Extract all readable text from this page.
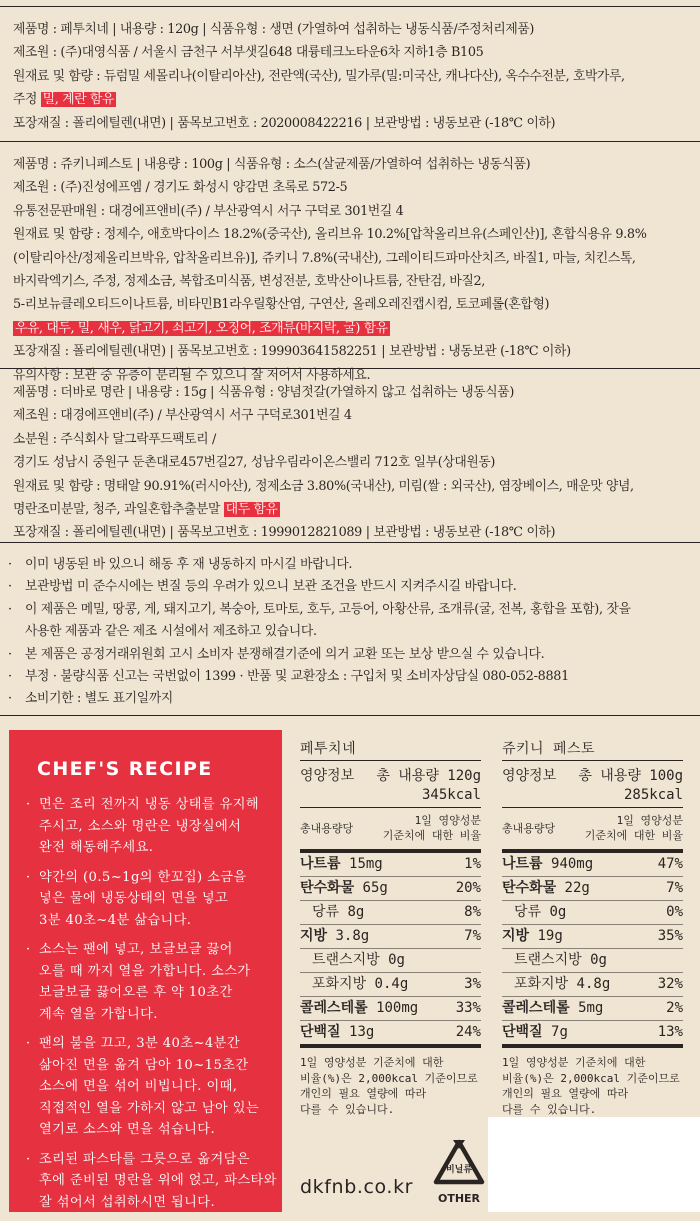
제품명 : 페투치네 | 내용량 : 120g | 식품유형 : 생면 (가열하여 섭취하는 냉동식품/주정처리제품)
제조원 : (주)대영식품 / 서울시 금천구 서부샛길648 대륭테크노타운6차 지하1층 B105
원재료 및 함량 : 듀럼밀 세몰리나(이탈리아산), 전란액(국산), 밀가루(밀:미국산, 캐나다산), 옥수수전분, 호박가루,
주정 밀, 계란 함유
포장재질 : 폴리에틸렌(내면) | 품목보고번호 : 2020008422216 | 보관방법 : 냉동보관 (-18℃ 이하)
제품명 : 쥬키니페스토 | 내용량 : 100g | 식품유형 : 소스(살균제품/가열하여 섭취하는 냉동식품)
제조원 : (주)진성에프엠 / 경기도 화성시 양감면 초록로 572-5
유통전문판매원 : 대경에프앤비(주) / 부산광역시 서구 구덕로 301번길 4
원재료 및 함량 : 정제수, 애호박다이스 18.2%(중국산), 올리브유 10.2%[압착올리브유(스페인산)], 혼합식용유 9.8%
(이탈리아산/정제올리브박유, 압착올리브유)], 쥬키니 7.8%(국내산), 그레이티드파마산치즈, 바질1, 마늘, 치킨스톡,
바지락엑기스, 주정, 정제소금, 복합조미식품, 변성전분, 호박산이나트륨, 잔탄검, 바질2,
5-리보뉴클레오티드이나트륨, 비타민B1라우릴황산염, 구연산, 올레오레진캡시컴, 토코페롤(혼합형)
우유, 대두, 밀, 새우, 닭고기, 쇠고기, 오징어, 조개류(바지락, 굴) 함유
포장재질 : 폴리에틸렌(내면) | 품목보고번호 : 199903641582251 | 보관방법 : 냉동보관 (-18℃ 이하)
유의사항 : 보관 중 유층이 분리될 수 있으니 잘 저어서 사용하세요.
제품명 : 더바로 명란 | 내용량 : 15g | 식품유형 : 양념젓갈(가열하지 않고 섭취하는 냉동식품)
제조원 : 대경에프앤비(주) / 부산광역시 서구 구덕로301번길 4
소분원 : 주식회사 달그락푸드팩토리 /
경기도 성남시 중원구 둔촌대로457번길27, 성남우림라이온스밸리 712호 일부(상대원동)
원재료 및 함량 : 명태알 90.91%(러시아산), 정제소금 3.80%(국내산), 미림(쌀 : 외국산), 염장베이스, 매운맛 양념,
명란조미분말, 청주, 과일혼합추출분말 대두 함유
포장재질 : 폴리에틸렌(내면) | 품목보고번호 : 1999012821089 | 보관방법 : 냉동보관 (-18℃ 이하)
· 이미 냉동된 바 있으니 해동 후 재 냉동하지 마시길 바랍니다.
· 보관방법 미 준수시에는 변질 등의 우려가 있으니 보관 조건을 반드시 지켜주시길 바랍니다.
· 이 제품은 메밀, 땅콩, 게, 돼지고기, 복숭아, 토마토, 호두, 고등어, 아황산류, 조개류(굴, 전복, 홍합을 포함), 잣을
사용한 제품과 같은 제조 시설에서 제조하고 있습니다.
· 본 제품은 공정거래위원회 고시 소비자 분쟁해결기준에 의거 교환 또는 보상 받으실 수 있습니다.
· 부정 · 불량식품 신고는 국번없이 1399 · 반품 및 교환장소 : 구입처 및 소비자상담실 080-052-8881
· 소비기한 : 별도 표기일까지
CHEF'S RECIPE
· 면은 조리 전까지 냉동 상태를 유지해
주시고, 소스와 명란은 냉장실에서
완전 해동해주세요.
· 약간의 (0.5~1g의 한꼬집) 소금을
넣은 물에 냉동상태의 면을 넣고
3분 40초~4분 삶습니다.
· 소스는 팬에 넣고, 보글보글 끓어
오를 때 까지 열을 가합니다. 소스가
보글보글 끓어오른 후 약 10초간
계속 열을 가합니다.
· 팬의 불을 끄고, 3분 40초~4분간
삶아진 면을 옮겨 담아 10~15초간
소스에 면을 섞어 비빕니다. 이때,
직접적인 열을 가하지 않고 남아 있는
열기로 소스와 면을 섞습니다.
· 조리된 파스타를 그릇으로 옮겨담은
후에 준비된 명란을 위에 얹고, 파스타와
잘 섞어서 섭취하시면 됩니다.
페투치네
영양정보 총 내용량 120g
345kcal
총내용량당
1일 영양성분
기준치에 대한 비율
나트륨 15mg	1%
탄수화물 65g	20%
당류 8g	8%
지방 3.8g	7%
트랜스지방 0g
포화지방 0.4g	3%
콜레스테롤 100mg	33%
단백질 13g	24%
1일 영양성분 기준치에 대한
비율(%)은 2,000kcal 기준이므로
개인의 필요 열량에 따라
다를 수 있습니다.
쥬키니 페스토
영양정보 총 내용량 100g
285kcal
총내용량당
1일 영양성분
기준치에 대한 비율
나트륨 940mg	47%
탄수화물 22g	7%
당류 0g	0%
지방 19g	35%
트랜스지방 0g
포화지방 4.8g	32%
콜레스테롤 5mg	2%
단백질 7g	13%
1일 영양성분 기준치에 대한
비율(%)은 2,000kcal 기준이므로
개인의 필요 열량에 따라
다를 수 있습니다.
비닐류
OTHER
dkfnb.co.kr
